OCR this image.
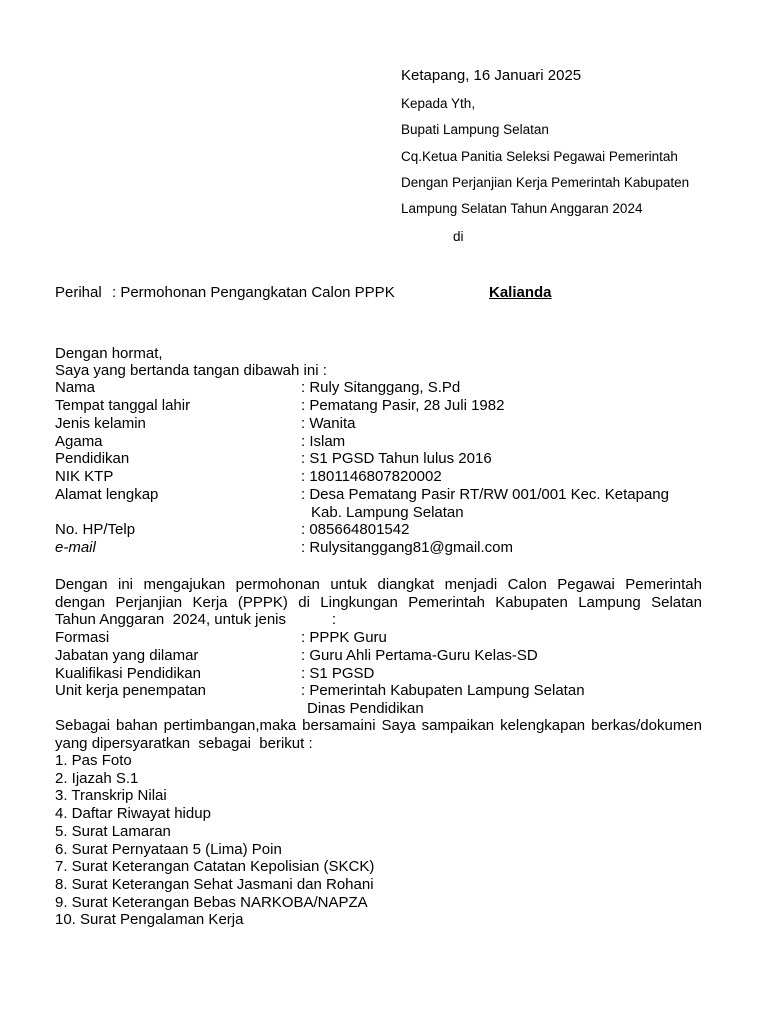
Ketapang, 16 Januari 2025
Kepada Yth,
Bupati Lampung Selatan
Cq.Ketua Panitia Seleksi Pegawai Pemerintah
Dengan Perjanjian Kerja Pemerintah Kabupaten
Lampung Selatan Tahun Anggaran 2024
di
Perihal : Permohonan Pengangkatan Calon PPPK	Kalianda
Dengan hormat,
Saya yang bertanda tangan dibawah ini :
Nama	: Ruly Sitanggang, S.Pd
Tempat tanggal lahir	: Pematang Pasir, 28 Juli 1982
Jenis kelamin	: Wanita
Agama	: Islam
Pendidikan	: S1 PGSD Tahun lulus 2016
NIK KTP	: 1801146807820002
Alamat lengkap	: Desa Pematang Pasir RT/RW 001/001 Kec. Ketapang
Kab. Lampung Selatan
No. HP/Telp	: 085664801542
e-mail	: Rulysitanggang81@gmail.com
Dengan ini mengajukan permohonan untuk diangkat menjadi Calon Pegawai Pemerintah
dengan Perjanjian Kerja (PPPK) di Lingkungan Pemerintah Kabupaten Lampung Selatan
Tahun Anggaran  2024, untuk jenis           :
Formasi	: PPPK Guru
Jabatan yang dilamar	: Guru Ahli Pertama-Guru Kelas-SD
Kualifikasi Pendidikan	: S1 PGSD
Unit kerja penempatan	: Pemerintah Kabupaten Lampung Selatan
Dinas Pendidikan
Sebagai bahan pertimbangan,maka bersamaini Saya sampaikan kelengkapan berkas/dokumen
yang dipersyaratkan  sebagai  berikut :
1. Pas Foto
2. Ijazah S.1
3. Transkrip Nilai
4. Daftar Riwayat hidup
5. Surat Lamaran
6. Surat Pernyataan 5 (Lima) Poin
7. Surat Keterangan Catatan Kepolisian (SKCK)
8. Surat Keterangan Sehat Jasmani dan Rohani
9. Surat Keterangan Bebas NARKOBA/NAPZA
10. Surat Pengalaman Kerja
